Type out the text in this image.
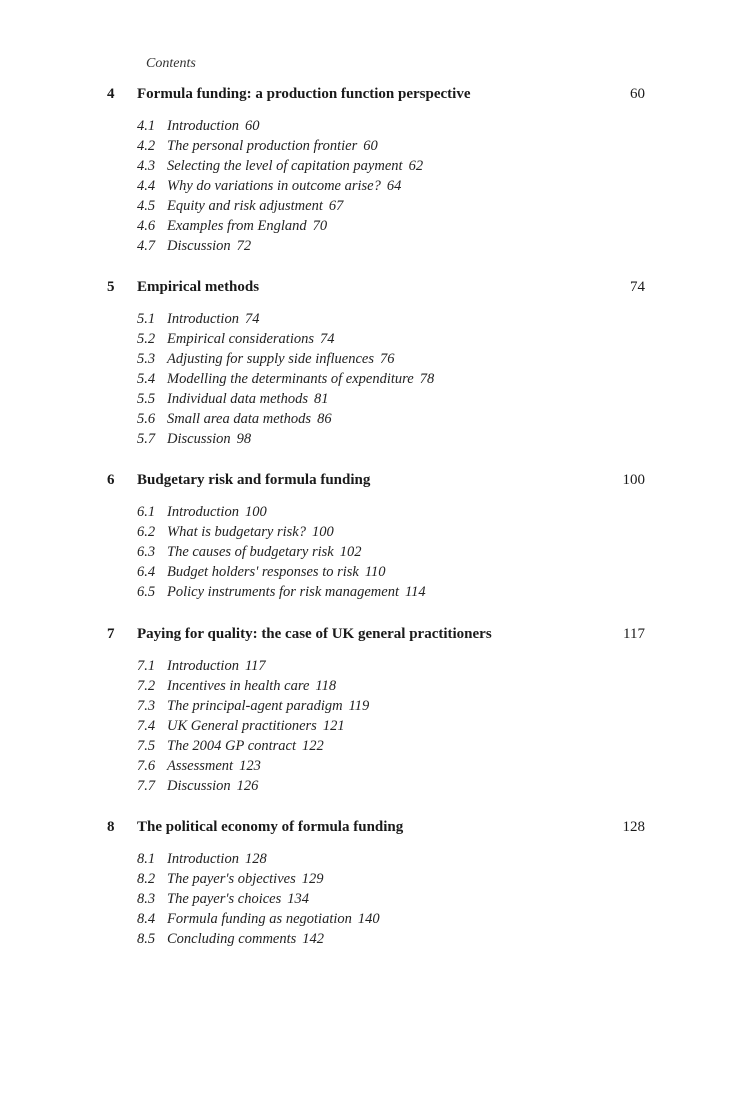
Contents
4 Formula funding: a production function perspective	60
4.1 Introduction 60
4.2 The personal production frontier 60
4.3 Selecting the level of capitation payment 62
4.4 Why do variations in outcome arise? 64
4.5 Equity and risk adjustment 67
4.6 Examples from England 70
4.7 Discussion 72
5 Empirical methods	74
5.1 Introduction 74
5.2 Empirical considerations 74
5.3 Adjusting for supply side influences 76
5.4 Modelling the determinants of expenditure 78
5.5 Individual data methods 81
5.6 Small area data methods 86
5.7 Discussion 98
6 Budgetary risk and formula funding	100
6.1 Introduction 100
6.2 What is budgetary risk? 100
6.3 The causes of budgetary risk 102
6.4 Budget holders' responses to risk 110
6.5 Policy instruments for risk management 114
7 Paying for quality: the case of UK general practitioners	117
7.1 Introduction 117
7.2 Incentives in health care 118
7.3 The principal-agent paradigm 119
7.4 UK General practitioners 121
7.5 The 2004 GP contract 122
7.6 Assessment 123
7.7 Discussion 126
8 The political economy of formula funding	128
8.1 Introduction 128
8.2 The payer's objectives 129
8.3 The payer's choices 134
8.4 Formula funding as negotiation 140
8.5 Concluding comments 142
